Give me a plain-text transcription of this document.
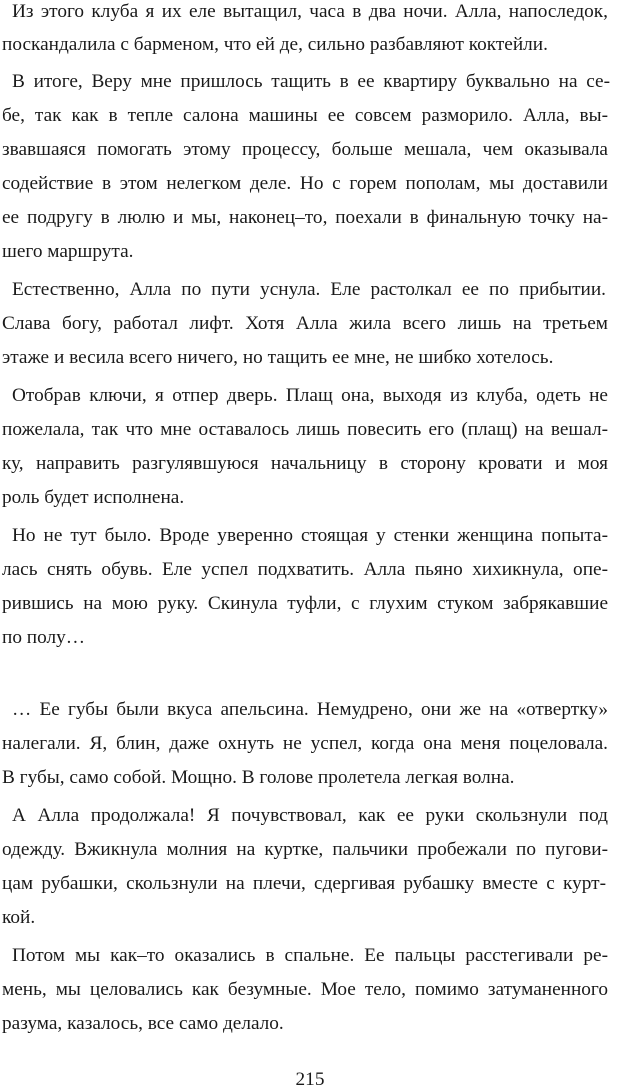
Из этого клуба я их еле вытащил, часа в два ночи. Алла, напоследок,
поскандалила с барменом, что ей де, сильно разбавляют коктейли.
В итоге, Веру мне пришлось тащить в ее квартиру буквально на се-
бе, так как в тепле салона машины ее совсем разморило. Алла, вы-
звавшаяся помогать этому процессу, больше мешала, чем оказывала
содействие в этом нелегком деле. Но с горем пополам, мы доставили
ее подругу в люлю и мы, наконец–то, поехали в финальную точку на-
шего маршрута.
Естественно, Алла по пути уснула. Еле растолкал ее по прибытии.
Слава богу, работал лифт. Хотя Алла жила всего лишь на третьем
этаже и весила всего ничего, но тащить ее мне, не шибко хотелось.
Отобрав ключи, я отпер дверь. Плащ она, выходя из клуба, одеть не
пожелала, так что мне оставалось лишь повесить его (плащ) на вешал-
ку, направить разгулявшуюся начальницу в сторону кровати и моя
роль будет исполнена.
Но не тут было. Вроде уверенно стоящая у стенки женщина попыта-
лась снять обувь. Еле успел подхватить. Алла пьяно хихикнула, опе-
рившись на мою руку. Скинула туфли, с глухим стуком забрякавшие
по полу…
… Ее губы были вкуса апельсина. Немудрено, они же на «отвертку»
налегали. Я, блин, даже охнуть не успел, когда она меня поцеловала.
В губы, само собой. Мощно. В голове пролетела легкая волна.
А Алла продолжала! Я почувствовал, как ее руки скользнули под
одежду. Вжикнула молния на куртке, пальчики пробежали по пугови-
цам рубашки, скользнули на плечи, сдергивая рубашку вместе с курт-
кой.
Потом мы как–то оказались в спальне. Ее пальцы расстегивали ре-
мень, мы целовались как безумные. Мое тело, помимо затуманенного
разума, казалось, все само делало.
215
